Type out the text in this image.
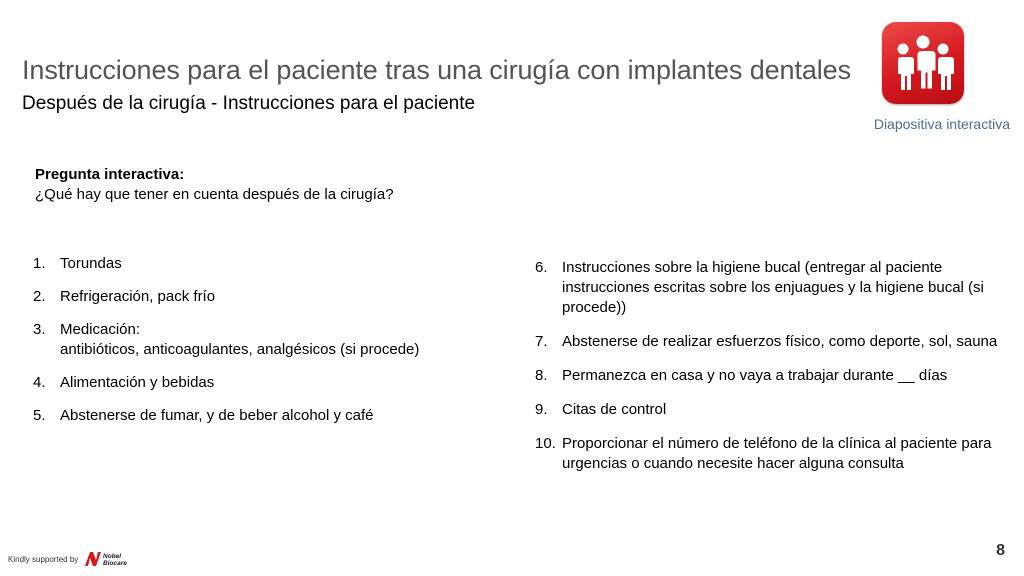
Instrucciones para el paciente tras una cirugía con implantes dentales
Después de la cirugía - Instrucciones para el paciente
Diapositiva interactiva
Pregunta interactiva:
¿Qué hay que tener en cuenta después de la cirugía?
1. Torundas
2. Refrigeración, pack frío
3. Medicación:
antibióticos, anticoagulantes, analgésicos (si procede)
4. Alimentación y bebidas
5. Abstenerse de fumar, y de beber alcohol y café
6. Instrucciones sobre la higiene bucal (entregar al paciente instrucciones escritas sobre los enjuagues y la higiene bucal (si procede))
7. Abstenerse de realizar esfuerzos físico, como deporte, sol, sauna
8. Permanezca en casa y no vaya a trabajar durante __ días
9. Citas de control
10. Proporcionar el número de teléfono de la clínica al paciente para urgencias o cuando necesite hacer alguna consulta
Kindly supported by	Nobel
Biocare
8
